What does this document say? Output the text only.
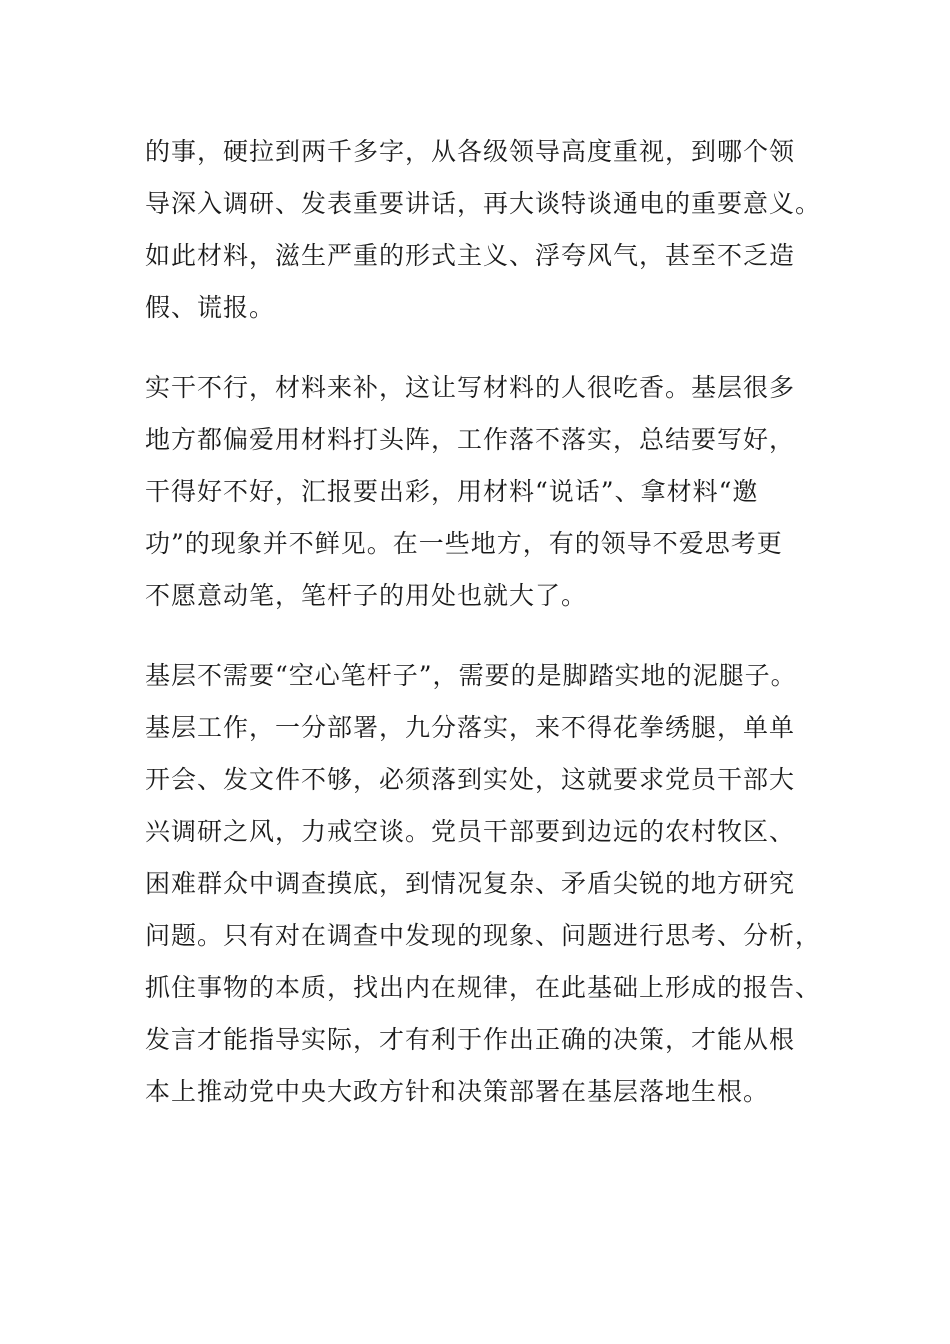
的事，硬拉到两千多字，从各级领导高度重视，到哪个领
导深入调研、发表重要讲话，再大谈特谈通电的重要意义。
如此材料，滋生严重的形式主义、浮夸风气，甚至不乏造
假、谎报。

实干不行，材料来补，这让写材料的人很吃香。基层很多
地方都偏爱用材料打头阵，工作落不落实，总结要写好，
干得好不好，汇报要出彩，用材料“说话”、拿材料“邀
功”的现象并不鲜见。在一些地方，有的领导不爱思考更
不愿意动笔，笔杆子的用处也就大了。

基层不需要“空心笔杆子”，需要的是脚踏实地的泥腿子。
基层工作，一分部署，九分落实，来不得花拳绣腿，单单
开会、发文件不够，必须落到实处，这就要求党员干部大
兴调研之风，力戒空谈。党员干部要到边远的农村牧区、
困难群众中调查摸底，到情况复杂、矛盾尖锐的地方研究
问题。只有对在调查中发现的现象、问题进行思考、分析，
抓住事物的本质，找出内在规律，在此基础上形成的报告、
发言才能指导实际，才有利于作出正确的决策，才能从根
本上推动党中央大政方针和决策部署在基层落地生根。
